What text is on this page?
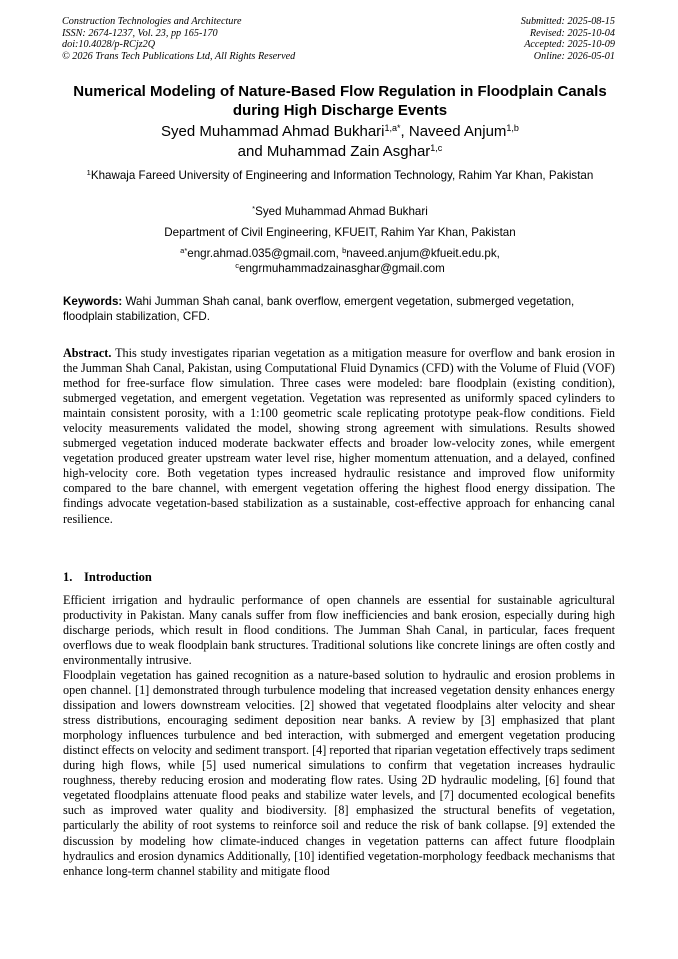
Construction Technologies and Architecture
ISSN: 2674-1237, Vol. 23, pp 165-170
doi:10.4028/p-RCjz2Q
© 2026 Trans Tech Publications Ltd, All Rights Reserved
Submitted: 2025-08-15
Revised: 2025-10-04
Accepted: 2025-10-09
Online: 2026-05-01
Numerical Modeling of Nature-Based Flow Regulation in Floodplain Canals during High Discharge Events
Syed Muhammad Ahmad Bukhari$^{1,a*}$, Naveed Anjum$^{1,b}$
and Muhammad Zain Asghar$^{1,c}$
$^1$Khawaja Fareed University of Engineering and Information Technology, Rahim Yar Khan, Pakistan
*Syed Muhammad Ahmad Bukhari
Department of Civil Engineering, KFUEIT, Rahim Yar Khan, Pakistan
$^{a*}$engr.ahmad.035@gmail.com, $^b$naveed.anjum@kfueit.edu.pk,
$^c$engrmuhammadzainasghar@gmail.com
Keywords: Wahi Jumman Shah canal, bank overflow, emergent vegetation, submerged vegetation, floodplain stabilization, CFD.
Abstract. This study investigates riparian vegetation as a mitigation measure for overflow and bank erosion in the Jumman Shah Canal, Pakistan, using Computational Fluid Dynamics (CFD) with the Volume of Fluid (VOF) method for free-surface flow simulation. Three cases were modeled: bare floodplain (existing condition), submerged vegetation, and emergent vegetation. Vegetation was represented as uniformly spaced cylinders to maintain consistent porosity, with a 1:100 geometric scale replicating prototype peak-flow conditions. Field velocity measurements validated the model, showing strong agreement with simulations. Results showed submerged vegetation induced moderate backwater effects and broader low-velocity zones, while emergent vegetation produced greater upstream water level rise, higher momentum attenuation, and a delayed, confined high-velocity core. Both vegetation types increased hydraulic resistance and improved flow uniformity compared to the bare channel, with emergent vegetation offering the highest flood energy dissipation. The findings advocate vegetation-based stabilization as a sustainable, cost-effective approach for enhancing canal resilience.
1. Introduction
Efficient irrigation and hydraulic performance of open channels are essential for sustainable agricultural productivity in Pakistan. Many canals suffer from flow inefficiencies and bank erosion, especially during high discharge periods, which result in flood conditions. The Jumman Shah Canal, in particular, faces frequent overflows due to weak floodplain bank structures. Traditional solutions like concrete linings are often costly and environmentally intrusive.
Floodplain vegetation has gained recognition as a nature-based solution to hydraulic and erosion problems in open channel. [1] demonstrated through turbulence modeling that increased vegetation density enhances energy dissipation and lowers downstream velocities. [2] showed that vegetated floodplains alter velocity and shear stress distributions, encouraging sediment deposition near banks. A review by [3] emphasized that plant morphology influences turbulence and bed interaction, with submerged and emergent vegetation producing distinct effects on velocity and sediment transport. [4] reported that riparian vegetation effectively traps sediment during high flows, while [5] used numerical simulations to confirm that vegetation increases hydraulic roughness, thereby reducing erosion and moderating flow rates. Using 2D hydraulic modeling, [6] found that vegetated floodplains attenuate flood peaks and stabilize water levels, and [7] documented ecological benefits such as improved water quality and biodiversity. [8] emphasized the structural benefits of vegetation, particularly the ability of root systems to reinforce soil and reduce the risk of bank collapse. [9] extended the discussion by modeling how climate-induced changes in vegetation patterns can affect future floodplain hydraulics and erosion dynamics Additionally, [10] identified vegetation-morphology feedback mechanisms that enhance long-term channel stability and mitigate flood
